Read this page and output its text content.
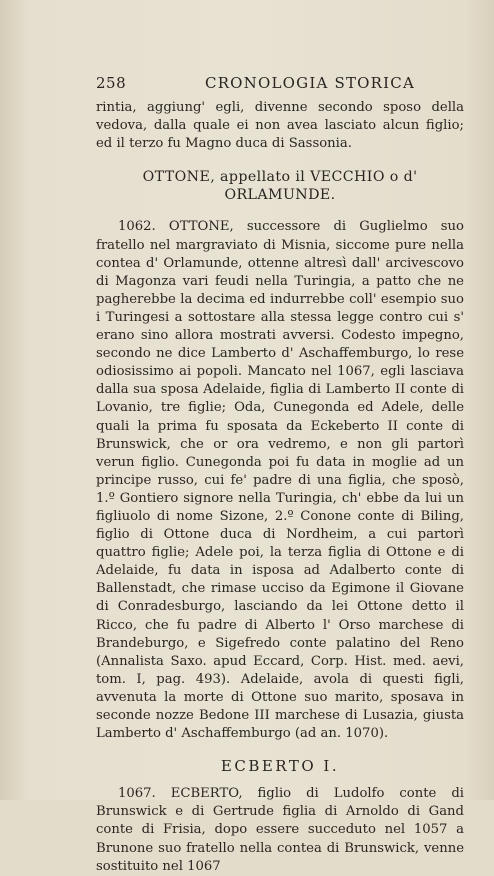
258	CRONOLOGIA STORICA

rintia, aggiung' egli, divenne secondo sposo della vedova, dalla quale ei non avea lasciato alcun figlio; ed il terzo fu Magno duca di Sassonia.

OTTONE, appellato il VECCHIO o d' ORLAMUNDE.

1062. OTTONE, successore di Guglielmo suo fratello nel margraviato di Misnia, siccome pure nella contea d' Orlamunde, ottenne altresì dall' arcivescovo di Magonza vari feudi nella Turingia, a patto che ne pagherebbe la decima ed indurrebbe coll' esempio suo i Turingesi a sottostare alla stessa legge contro cui s' erano sino allora mostrati avversi. Codesto impegno, secondo ne dice Lamberto d' Aschaffemburgo, lo rese odiosissimo ai popoli. Mancato nel 1067, egli lasciava dalla sua sposa Adelaide, figlia di Lamberto II conte di Lovanio, tre figlie; Oda, Cunegonda ed Adele, delle quali la prima fu sposata da Eckeberto II conte di Brunswick, che or ora vedremo, e non gli partorì verun figlio. Cunegonda poi fu data in moglie ad un principe russo, cui fe' padre di una figlia, che sposò, 1.º Gontiero signore nella Turingia, ch' ebbe da lui un figliuolo di nome Sizone, 2.º Conone conte di Biling, figlio di Ottone duca di Nordheim, a cui partorì quattro figlie; Adele poi, la terza figlia di Ottone e di Adelaide, fu data in isposa ad Adalberto conte di Ballenstadt, che rimase ucciso da Egimone il Giovane di Conradesburgo, lasciando da lei Ottone detto il Ricco, che fu padre di Alberto l' Orso marchese di Brandeburgo, e Sigefredo conte palatino del Reno (Annalista Saxo. apud Eccard, Corp. Hist. med. aevi, tom. I, pag. 493). Adelaide, avola di questi figli, avvenuta la morte di Ottone suo marito, sposava in seconde nozze Bedone III marchese di Lusazia, giusta Lamberto d' Aschaffemburgo (ad an. 1070).

ECBERTO I.

1067. ECBERTO, figlio di Ludolfo conte di Brunswick e di Gertrude figlia di Arnoldo di Gand conte di Frisia, dopo essere succeduto nel 1057 a Brunone suo fratello nella contea di Brunswick, venne sostituito nel 1067
